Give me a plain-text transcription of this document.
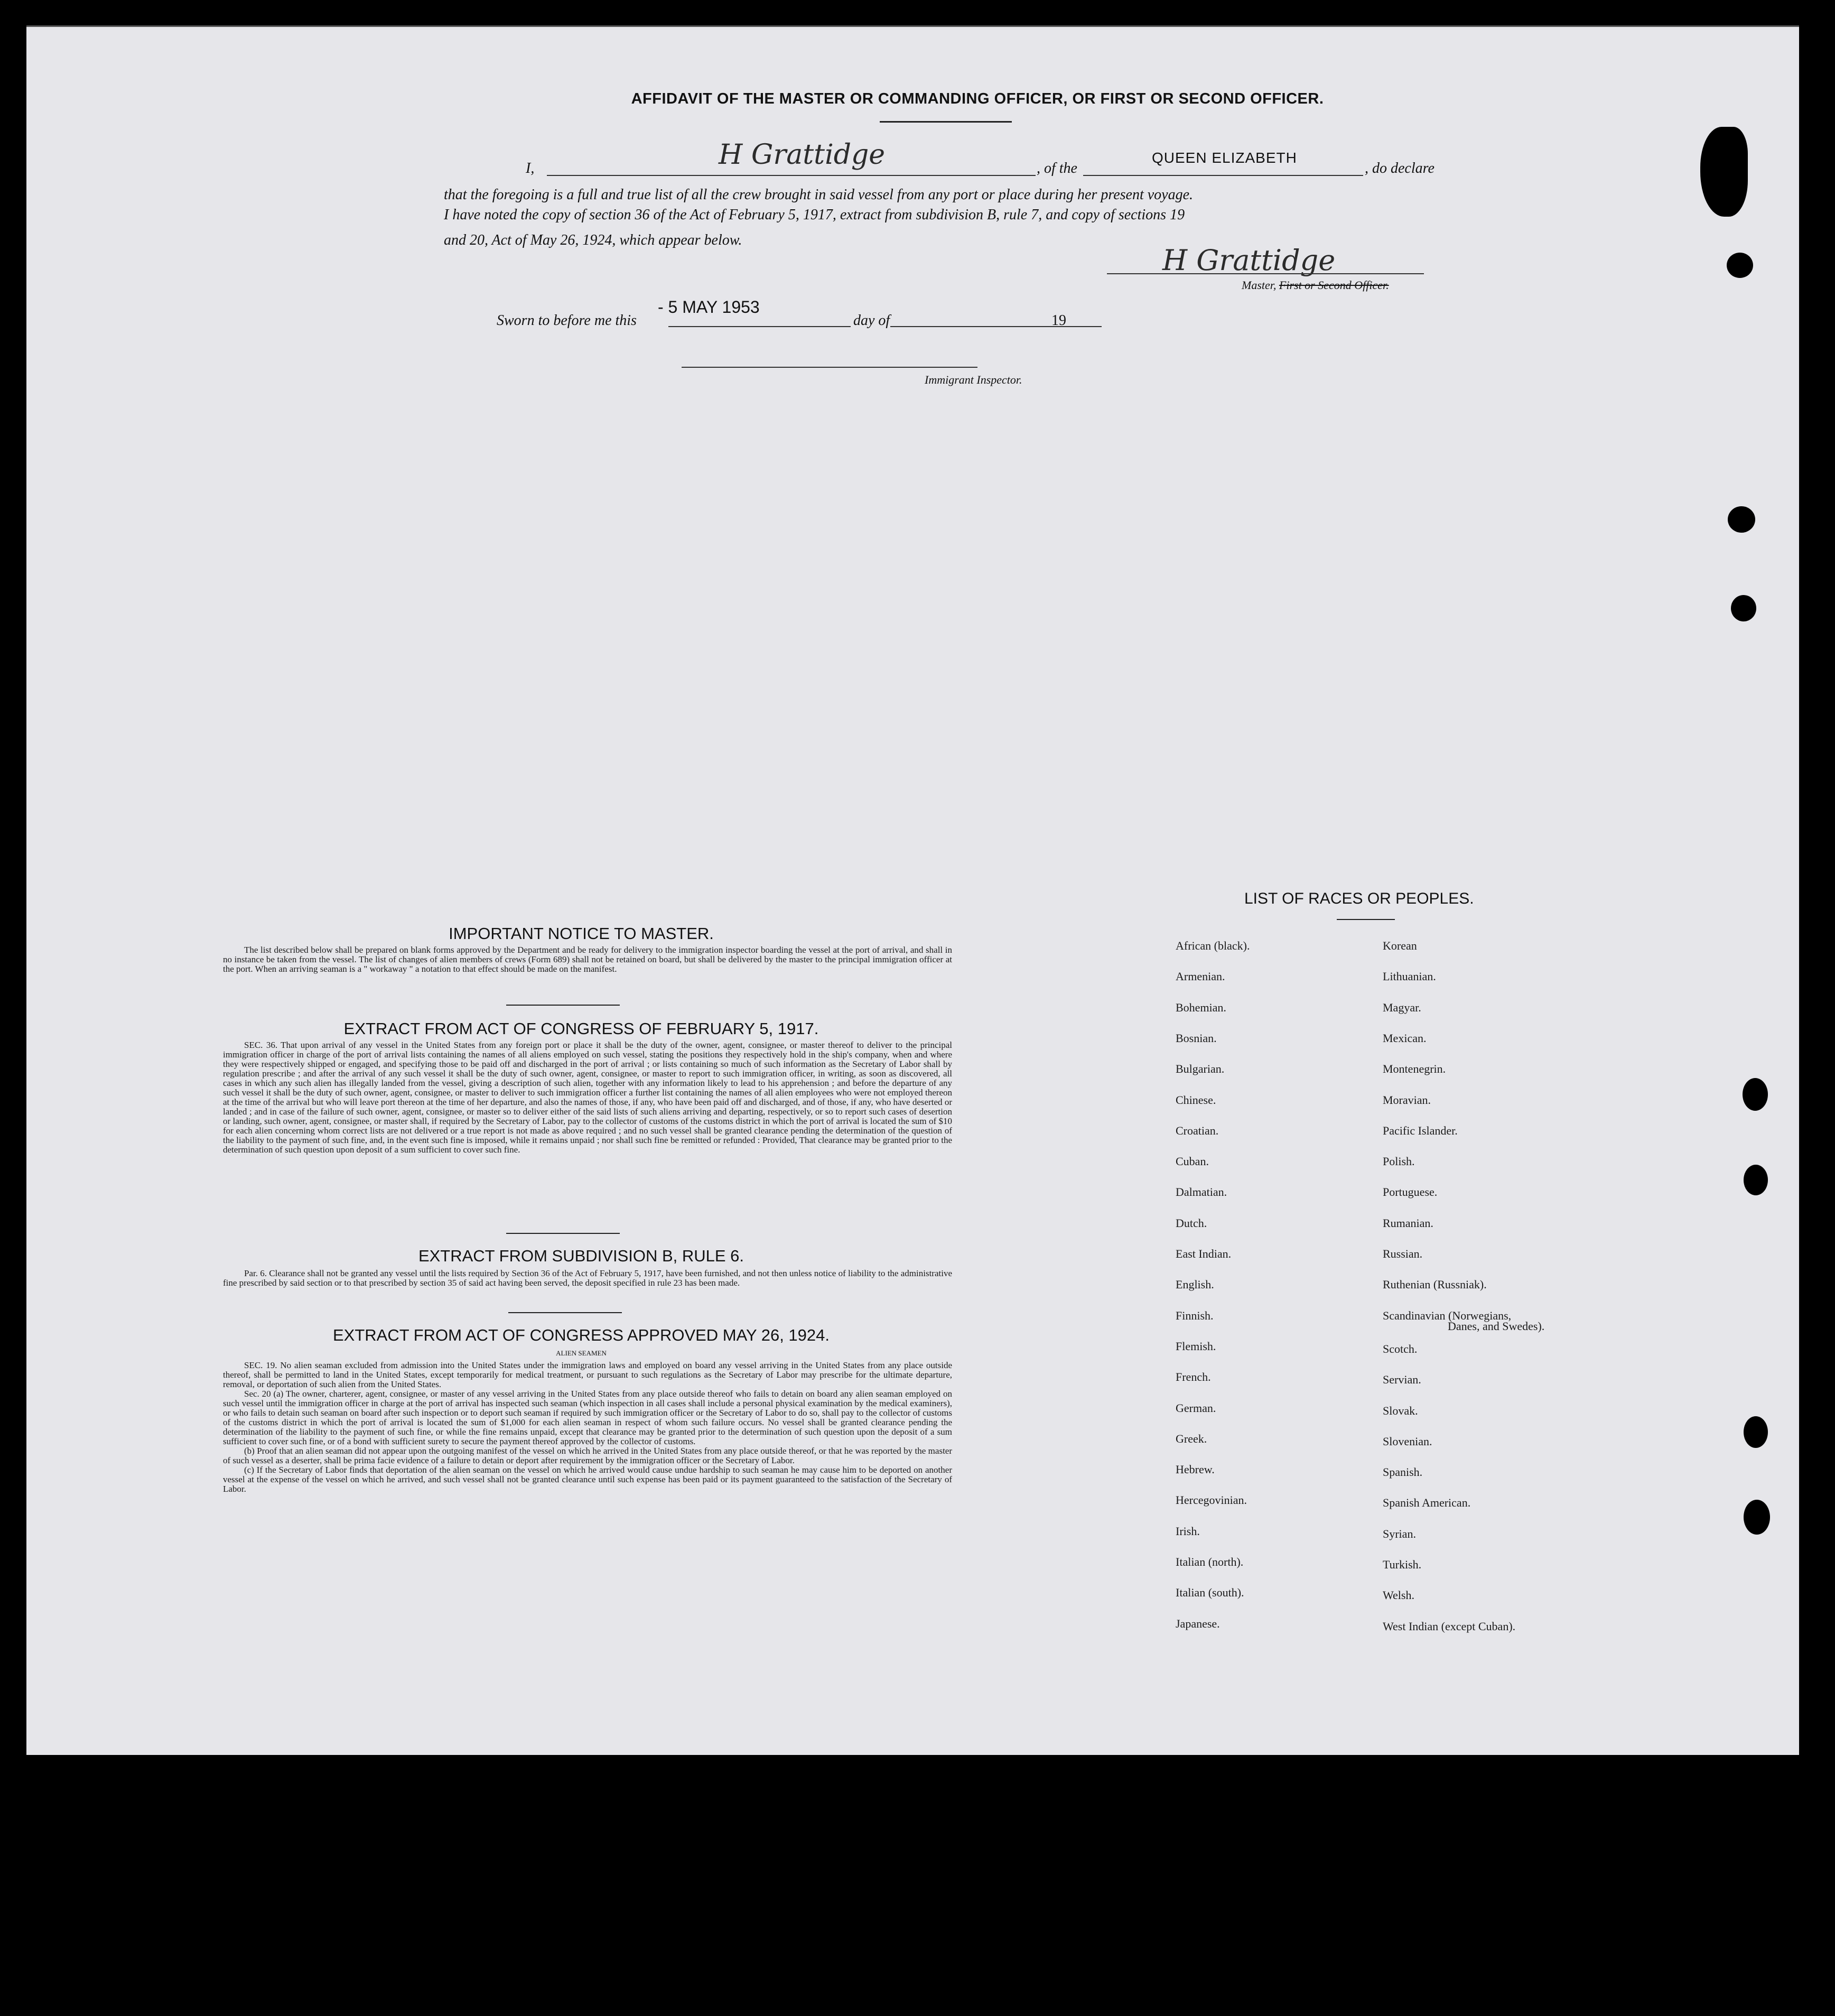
AFFIDAVIT OF THE MASTER OR COMMANDING OFFICER, OR FIRST OR SECOND OFFICER.
I,	H Grattidge	, of the
QUEEN ELIZABETH
, do declare
that the foregoing is a full and true list of all the crew brought in said vessel from any port or place during her present voyage.
I have noted the copy of section 36 of the Act of February 5, 1917, extract from subdivision B, rule 7, and copy of sections 19
and 20, Act of May 26, 1924, which appear below.
H Grattidge
Master, First or Second Officer.
Sworn to before me this
- 5 MAY 1953
day of	19
Immigrant Inspector.
IMPORTANT NOTICE TO MASTER.

The list described below shall be prepared on blank forms approved by the Department and be ready for delivery to the immigration inspector boarding the vessel at the port of arrival, and shall in no instance be taken from the vessel. The list of changes of alien members of crews (Form 689) shall not be retained on board, but shall be delivered by the master to the principal immigration officer at the port. When an arriving seaman is a " workaway " a notation to that effect should be made on the manifest.

EXTRACT FROM ACT OF CONGRESS OF FEBRUARY 5, 1917.

SEC. 36. That upon arrival of any vessel in the United States from any foreign port or place it shall be the duty of the owner, agent, consignee, or master thereof to deliver to the principal immigration officer in charge of the port of arrival lists containing the names of all aliens employed on such vessel, stating the positions they respectively hold in the ship's company, when and where they were respectively shipped or engaged, and specifying those to be paid off and discharged in the port of arrival ; or lists containing so much of such information as the Secretary of Labor shall by regulation prescribe ; and after the arrival of any such vessel it shall be the duty of such owner, agent, consignee, or master to report to such immigration officer, in writing, as soon as discovered, all cases in which any such alien has illegally landed from the vessel, giving a description of such alien, together with any information likely to lead to his apprehension ; and before the departure of any such vessel it shall be the duty of such owner, agent, consignee, or master to deliver to such immigration officer a further list containing the names of all alien employees who were not employed thereon at the time of the arrival but who will leave port thereon at the time of her departure, and also the names of those, if any, who have been paid off and discharged, and of those, if any, who have deserted or landed ; and in case of the failure of such owner, agent, consignee, or master so to deliver either of the said lists of such aliens arriving and departing, respectively, or so to report such cases of desertion or landing, such owner, agent, consignee, or master shall, if required by the Secretary of Labor, pay to the collector of customs of the customs district in which the port of arrival is located the sum of $10 for each alien concerning whom correct lists are not delivered or a true report is not made as above required ; and no such vessel shall be granted clearance pending the determination of the question of the liability to the payment of such fine, and, in the event such fine is imposed, while it remains unpaid ; nor shall such fine be remitted or refunded : Provided, That clearance may be granted prior to the determination of such question upon deposit of a sum sufficient to cover such fine.

EXTRACT FROM SUBDIVISION B, RULE 6.

Par. 6. Clearance shall not be granted any vessel until the lists required by Section 36 of the Act of February 5, 1917, have been furnished, and not then unless notice of liability to the administrative fine prescribed by said section or to that prescribed by section 35 of said act having been served, the deposit specified in rule 23 has been made.

EXTRACT FROM ACT OF CONGRESS APPROVED MAY 26, 1924.
ALIEN SEAMEN

SEC. 19. No alien seaman excluded from admission into the United States under the immigration laws and employed on board any vessel arriving in the United States from any place outside thereof, shall be permitted to land in the United States, except temporarily for medical treatment, or pursuant to such regulations as the Secretary of Labor may prescribe for the ultimate departure, removal, or deportation of such alien from the United States.

Sec. 20 (a) The owner, charterer, agent, consignee, or master of any vessel arriving in the United States from any place outside thereof who fails to detain on board any alien seaman employed on such vessel until the immigration officer in charge at the port of arrival has inspected such seaman (which inspection in all cases shall include a personal physical examination by the medical examiners), or who fails to detain such seaman on board after such inspection or to deport such seaman if required by such immigration officer or the Secretary of Labor to do so, shall pay to the collector of customs of the customs district in which the port of arrival is located the sum of $1,000 for each alien seaman in respect of whom such failure occurs. No vessel shall be granted clearance pending the determination of the liability to the payment of such fine, or while the fine remains unpaid, except that clearance may be granted prior to the determination of such question upon the deposit of a sum sufficient to cover such fine, or of a bond with sufficient surety to secure the payment thereof approved by the collector of customs.

(b) Proof that an alien seaman did not appear upon the outgoing manifest of the vessel on which he arrived in the United States from any place outside thereof, or that he was reported by the master of such vessel as a deserter, shall be prima facie evidence of a failure to detain or deport after requirement by the immigration officer or the Secretary of Labor.

(c) If the Secretary of Labor finds that deportation of the alien seaman on the vessel on which he arrived would cause undue hardship to such seaman he may cause him to be deported on another vessel at the expense of the vessel on which he arrived, and such vessel shall not be granted clearance until such expense has been paid or its payment guaranteed to the satisfaction of the Secretary of Labor.

LIST OF RACES OR PEOPLES.
Danes, and Swedes).
African (black).
Armenian.
Bohemian.
Bosnian.
Bulgarian.
Chinese.
Croatian.
Cuban.
Dalmatian.
Dutch.
East Indian.
English.
Finnish.
Flemish.
French.
German.
Greek.
Hebrew.
Hercegovinian.
Irish.
Italian (north).
Italian (south).
Japanese.
Korean
Lithuanian.
Magyar.
Mexican.
Montenegrin.
Moravian.
Pacific Islander.
Polish.
Portuguese.
Rumanian.
Russian.
Ruthenian (Russniak).
Scandinavian (Norwegians,
Scotch.
Servian.
Slovak.
Slovenian.
Spanish.
Spanish American.
Syrian.
Turkish.
Welsh.
West Indian (except Cuban).
